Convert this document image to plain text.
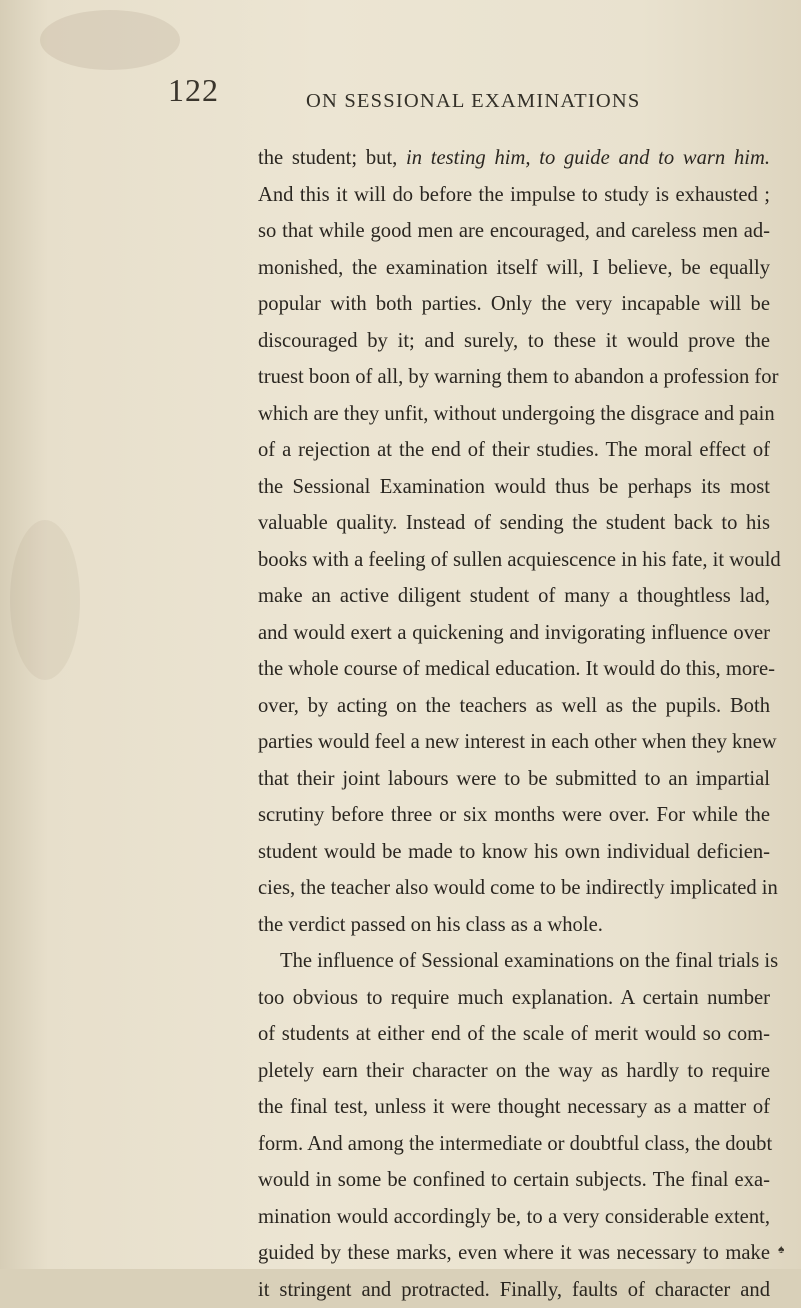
122	ON SESSIONAL EXAMINATIONS
the student; but, in testing him, to guide and to warn him.
And this it will do before the impulse to study is exhausted ;
so that while good men are encouraged, and careless men ad-
monished, the examination itself will, I believe, be equally
popular with both parties. Only the very incapable will be
discouraged by it; and surely, to these it would prove the
truest boon of all, by warning them to abandon a profession for
which are they unfit, without undergoing the disgrace and pain
of a rejection at the end of their studies. The moral effect of
the Sessional Examination would thus be perhaps its most
valuable quality. Instead of sending the student back to his
books with a feeling of sullen acquiescence in his fate, it would
make an active diligent student of many a thoughtless lad,
and would exert a quickening and invigorating influence over
the whole course of medical education. It would do this, more-
over, by acting on the teachers as well as the pupils. Both
parties would feel a new interest in each other when they knew
that their joint labours were to be submitted to an impartial
scrutiny before three or six months were over. For while the
student would be made to know his own individual deficien-
cies, the teacher also would come to be indirectly implicated in
the verdict passed on his class as a whole.
The influence of Sessional examinations on the final trials is
too obvious to require much explanation. A certain number
of students at either end of the scale of merit would so com-
pletely earn their character on the way as hardly to require
the final test, unless it were thought necessary as a matter of
form. And among the intermediate or doubtful class, the doubt
would in some be confined to certain subjects. The final exa-
mination would accordingly be, to a very considerable extent,
guided by these marks, even where it was necessary to make
it stringent and protracted. Finally, faults of character and
♠
